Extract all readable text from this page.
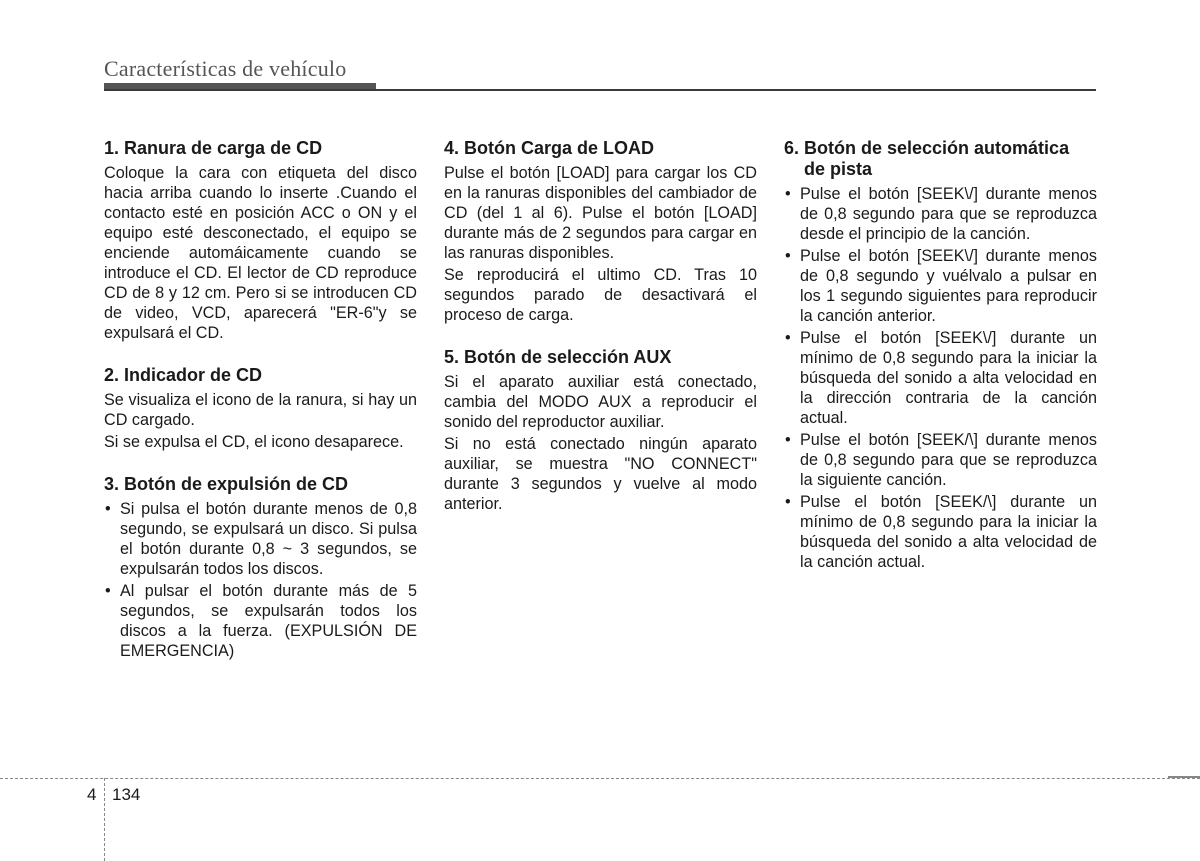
Características de vehículo
1. Ranura de carga de CD

Coloque la cara con etiqueta del disco hacia arriba cuando lo inserte .Cuando el contacto esté en posición ACC o ON y el equipo esté desconectado, el equipo se enciende automáicamente cuando se introduce el CD. El lector de CD reproduce CD de 8 y 12 cm. Pero si se introducen CD de video, VCD, aparecerá "ER-6"y se expulsará el CD.

2. Indicador de CD

Se visualiza el icono de la ranura, si hay un CD cargado.

Si se expulsa el CD, el icono desaparece.

3. Botón de expulsión de CD
• Si pulsa el botón durante menos de 0,8 segundo, se expulsará un disco. Si pulsa el botón durante 0,8 ~ 3 segundos, se expulsarán todos los discos.
• Al pulsar el botón durante más de 5 segundos, se expulsarán todos los discos a la fuerza. (EXPULSIÓN DE EMERGENCIA)
4. Botón Carga de LOAD

Pulse el botón [LOAD] para cargar los CD en la ranuras disponibles del cambiador de CD (del 1 al 6). Pulse el botón [LOAD] durante más de 2 segundos para cargar en las ranuras disponibles.

Se reproducirá el ultimo CD. Tras 10 segundos parado de desactivará el proceso de carga.

5. Botón de selección AUX

Si el aparato auxiliar está conectado, cambia del MODO AUX a reproducir el sonido del reproductor auxiliar.

Si no está conectado ningún aparato auxiliar, se muestra "NO CONNECT" durante 3 segundos y vuelve al modo anterior.

6. Botón de selección automática
de pista
• Pulse el botón [SEEK\/] durante menos de 0,8 segundo para que se reproduzca desde el principio de la canción.
• Pulse el botón [SEEK\/] durante menos de 0,8 segundo y vuélvalo a pulsar en los 1 segundo siguientes para reproducir la canción anterior.
• Pulse el botón [SEEK\/] durante un mínimo de 0,8 segundo para la iniciar la búsqueda del sonido a alta velocidad en la dirección contraria de la canción actual.
• Pulse el botón [SEEK/\] durante menos de 0,8 segundo para que se reproduzca la siguiente canción.
• Pulse el botón [SEEK/\] durante un mínimo de 0,8 segundo para la iniciar la búsqueda del sonido a alta velocidad de la canción actual.
4 134
